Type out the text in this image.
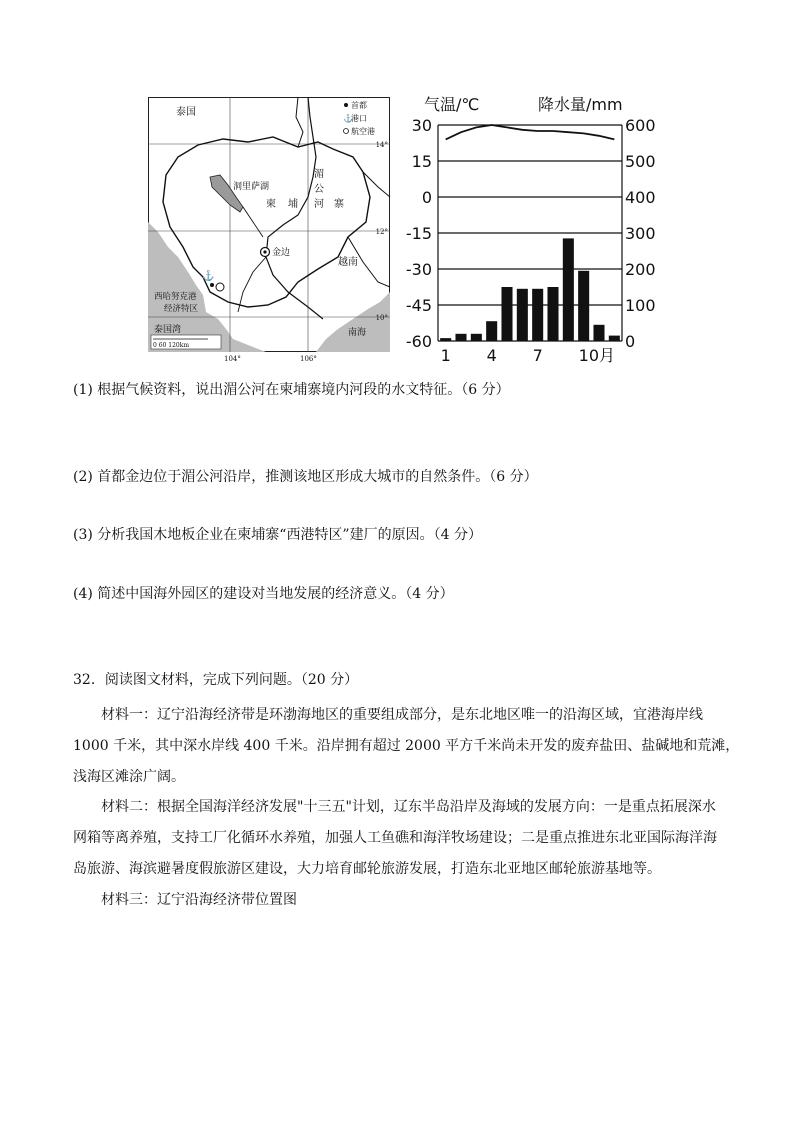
⚓
首都
⚓
港口
航空港
泰国
洞里萨湖
柬 埔
湄
公
河 寨
金边
越南
西哈努克港
经济特区
泰国湾	南海
14°
12°
10°
104°	106°
0 60 120km
气温/℃	降水量/mm
30
15
0
-15
-30
-45
-60
600
500
400
300
200
100
0
1 4 7 10月
(1) 根据气候资料，说出湄公河在柬埔寨境内河段的水文特征。（6 分）
(2) 首都金边位于湄公河沿岸，推测该地区形成大城市的自然条件。（6 分）
(3) 分析我国木地板企业在柬埔寨“西港特区”建厂的原因。（4 分）
(4) 简述中国海外园区的建设对当地发展的经济意义。（4 分）
32．阅读图文材料，完成下列问题。（20 分）
材料一：辽宁沿海经济带是环渤海地区的重要组成部分，是东北地区唯一的沿海区域，宜港海岸线
1000 千米，其中深水岸线 400 千米。沿岸拥有超过 2000 平方千米尚未开发的废弃盐田、盐碱地和荒滩，
浅海区滩涂广阔。
材料二：根据全国海洋经济发展"十三五"计划，辽东半岛沿岸及海域的发展方向：一是重点拓展深水
网箱等离养殖，支持工厂化循环水养殖，加强人工鱼礁和海洋牧场建设；二是重点推进东北亚国际海洋海
岛旅游、海滨避暑度假旅游区建设，大力培育邮轮旅游发展，打造东北亚地区邮轮旅游基地等。
材料三：辽宁沿海经济带位置图
